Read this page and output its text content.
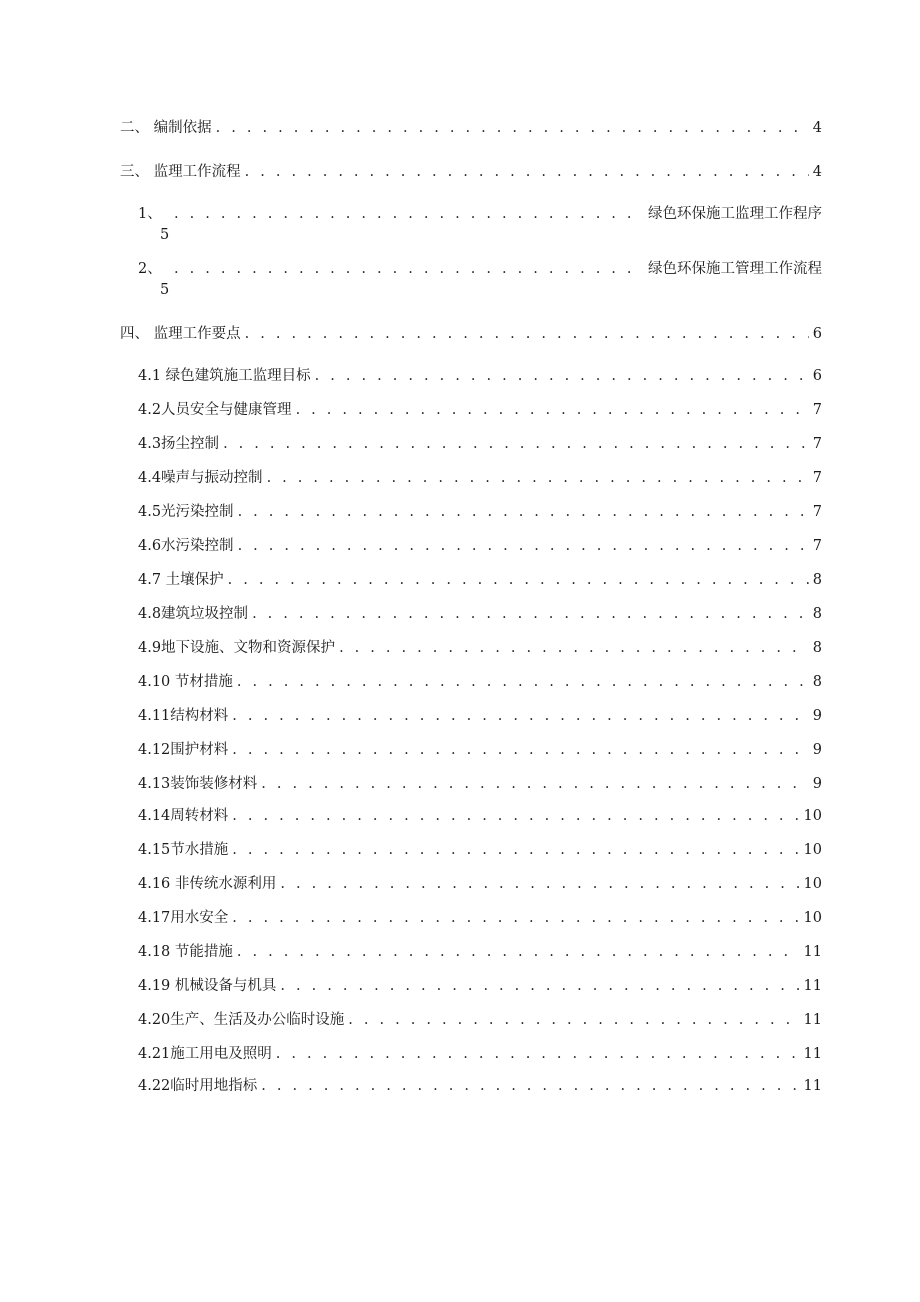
二、 编制依据 . . .	4
三、 监理工作流程 . . .	4
1、 . . .	绿色环保施工监理工作程序
5
2、 . . .	绿色环保施工管理工作流程
5
四、 监理工作要点 . . .	6
4.1 绿色建筑施工监理目标 . . .	6
4.2人员安全与健康管理 . . .	7
4.3扬尘控制 . . .	7
4.4噪声与振动控制 . . .	7
4.5光污染控制 . . .	7
4.6水污染控制 . . .	7
4.7 土壤保护 . . .	8
4.8建筑垃圾控制 . . .	8
4.9地下设施、文物和资源保护 . . .	8
4.10 节材措施 . . .	8
4.11结构材料 . . .	9
4.12围护材料 . . .	9
4.13装饰装修材料 . . .	9
4.14周转材料 . . .	10
4.15节水措施 . . .	10
4.16 非传统水源利用 . . .	10
4.17用水安全 . . .	10
4.18 节能措施 . . .	11
4.19 机械设备与机具 . . .	11
4.20生产、生活及办公临时设施 . . .	11
4.21施工用电及照明 . . .	11
4.22临时用地指标 . . .	11
